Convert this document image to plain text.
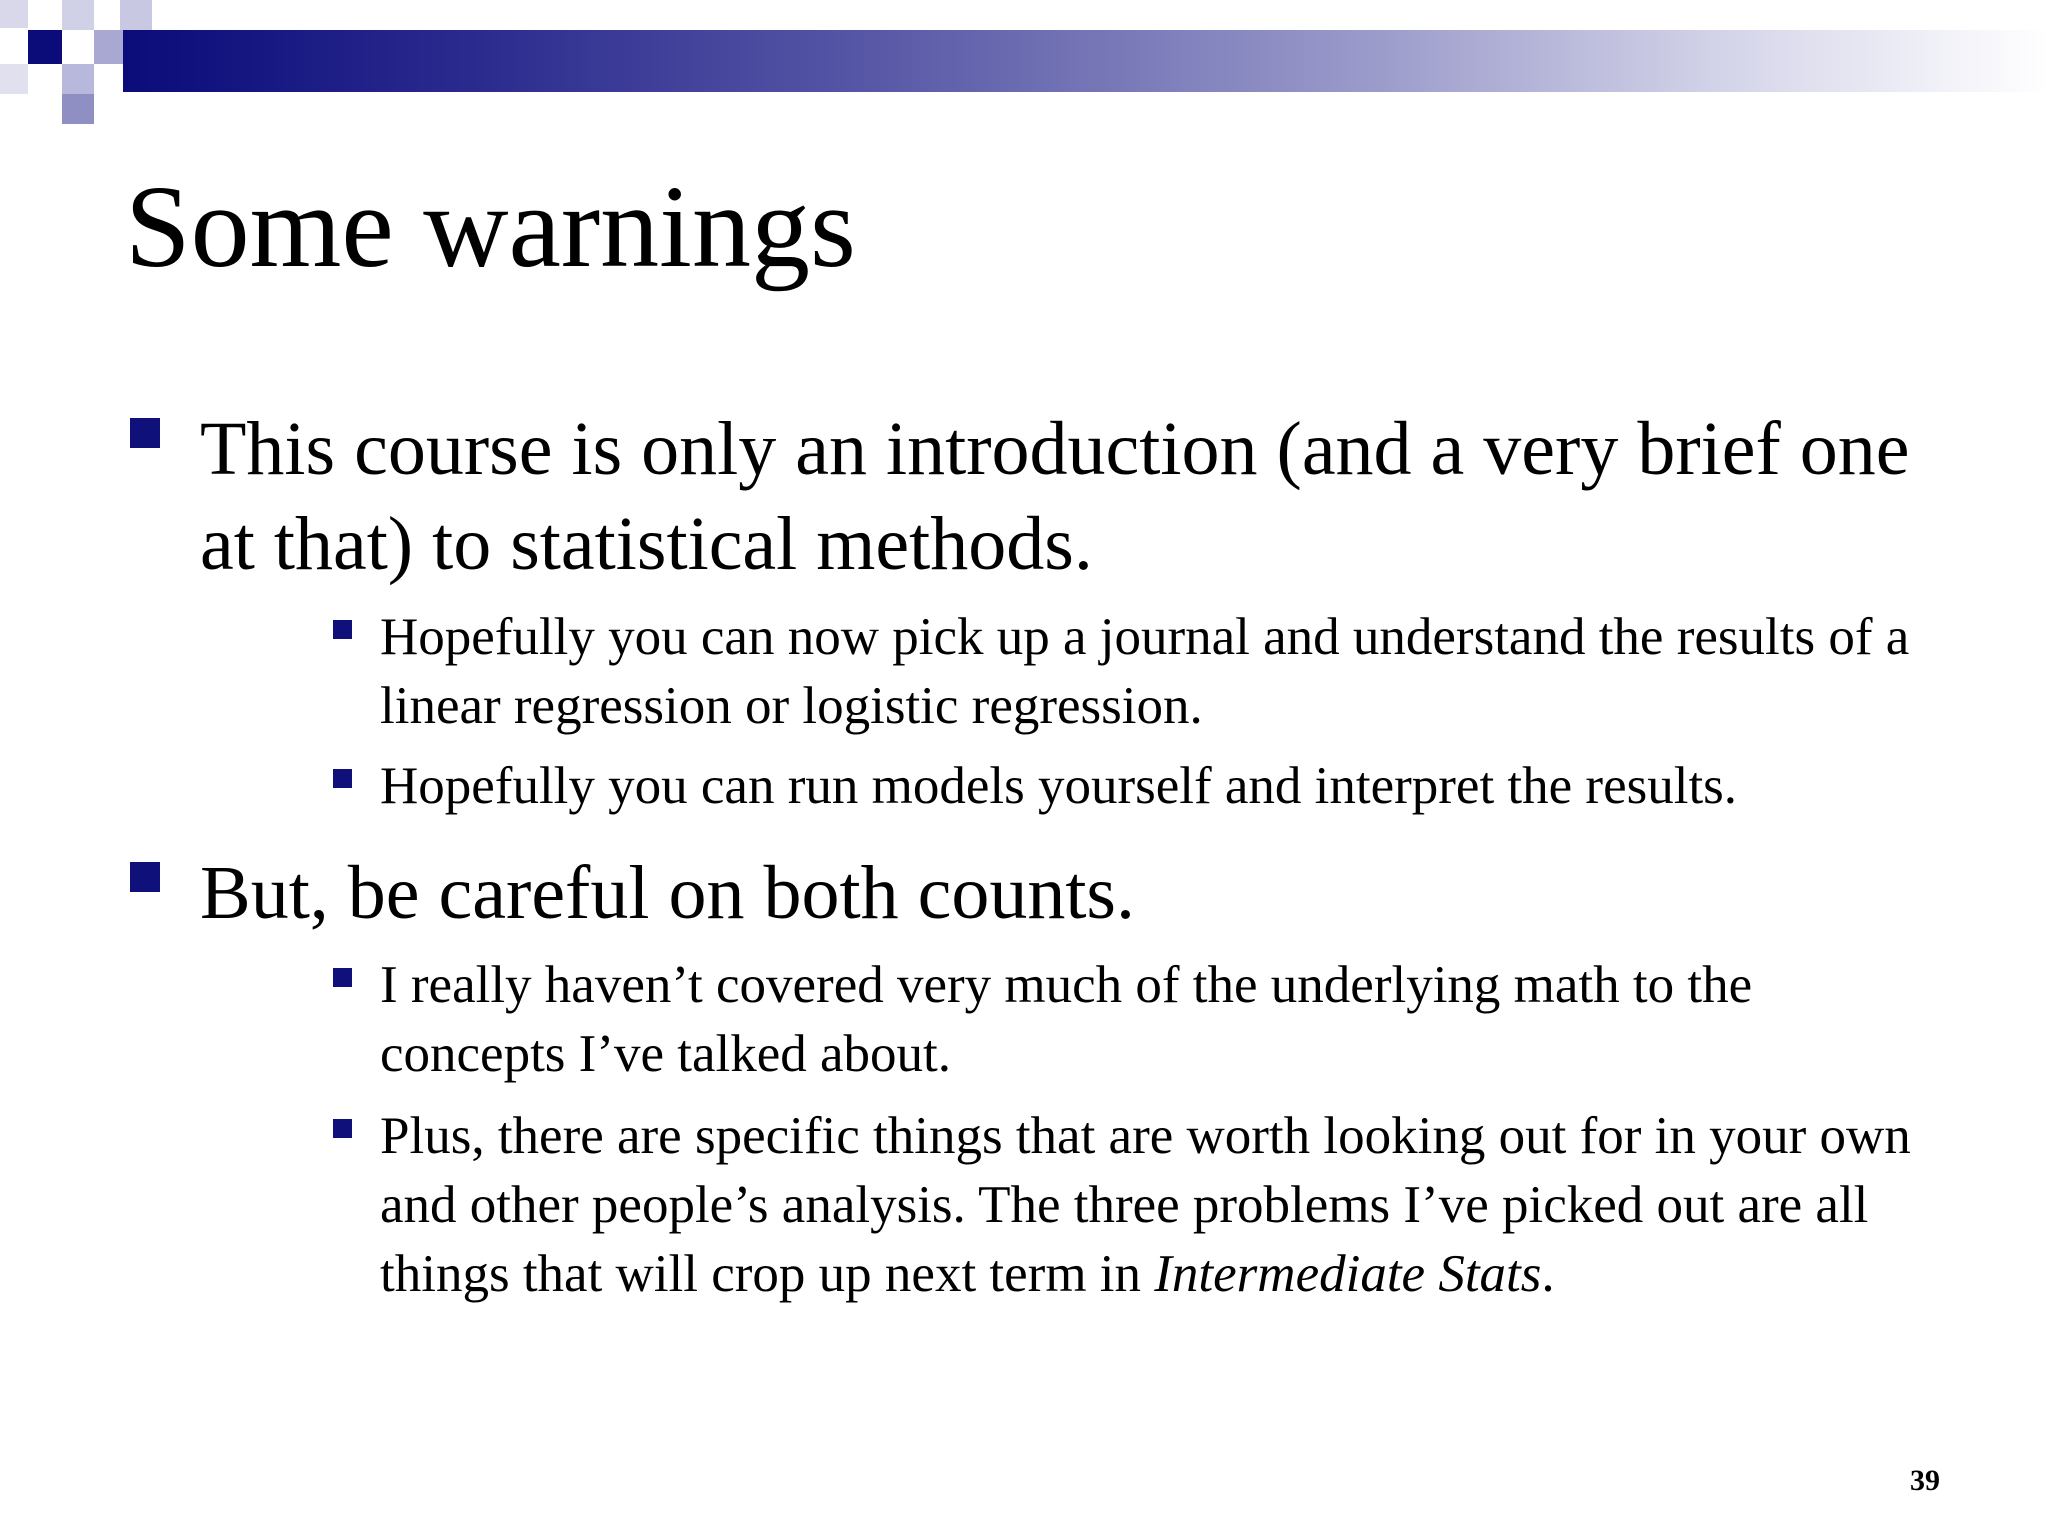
Some warnings
This course is only an introduction (and a very brief one at that) to statistical methods.
Hopefully you can now pick up a journal and understand the results of a linear regression or logistic regression.
Hopefully you can run models yourself and interpret the results.
But, be careful on both counts.
I really haven’t covered very much of the underlying math to the concepts I’ve talked about.
Plus, there are specific things that are worth looking out for in your own and other people’s analysis. The three problems I’ve picked out are all things that will crop up next term in Intermediate Stats.
39
